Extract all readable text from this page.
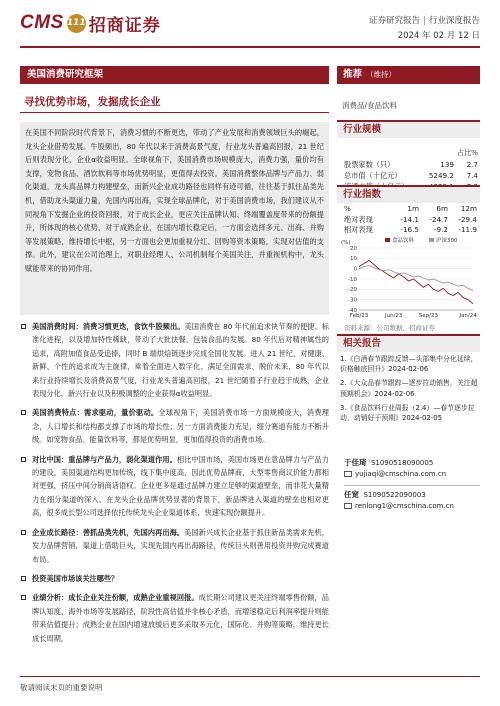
CMS 111 招商证券	证券研究报告 | 行业深度报告
2024 年 02 月 12 日
美国消费研究框架
寻找优势市场，发掘成长企业
在美国不同阶段时代背景下，消费习惯的不断更迭，带动了产业发展和消费领域巨头的崛起，龙头企业借势发展。牛股频出，80 年代以来于消费高景气度，行业龙头普遍高回报，21 世纪后则表现分化，企业α收益明显。全球视角下，美国消费市场规模庞大，消费力强，量价均有支撑，宠物食品、酒饮软料等市场优势明显，更值得去投资。美国消费整体品牌与产品力、弱化渠道，龙头真品牌力构建壁垒，而新兴企业成功路径也同样有迹可循，往往基于抓住品类先机，借助龙头渠道力量，先国内再出海，实现全球品牌化，对于美国消费市场，我们建议从不同视角下发掘企业的投资回报，对于成长企业，更应关注品牌认知、终端覆盖度带来的份额提升，所体现的核心优势，对于成熟企业，在国内增长稳定后，一方面会选择多元、出海、并购等发展策略，维持增长中枢，另一方面也会更加重视分红、回购等资本策略，实现对估值的支撑。此外，建议在公司治理上，对职业经理人、公司机制每个美国关注，并重视机构中，龙头赋能带来的协同作用。
美国消费时间：消费习惯更迭，食饮牛股频出。美国消费在 80 年代前追求快节奏的便捷、标准化进程，以及增加特性稀缺，带动了大批快餐、包装食品的发展。80 年代后对精神属性的追求，高附加值食品受追捧，同时 B 端烘焙链逐步完成全国化发展。进入 21 世纪，对健康、新鲜、个性的追求成为主旋律，乘着全面进入数字化、满足全面需求、脱价未来，80 年代以来行业持续增长及消费高景气度，行业龙头普遍高回报，21 世纪随着子行业趋于成熟，企业表现分化，新兴行业以及积极调整的企业获得α收益明显。
美国消费特点：需求驱动，量价驱动。全球视角下，美国消费市场一方面规模庞大，消费理念，人口增长和结构都支撑了市场的增长性；另一方面消费能力充足，细分赛道有能力不断升级。如宠物食品、能量饮料等，都是优势明显，更加值得投资的消费市场。
对比中国：重品牌与产品力，弱化渠道作用。相比中国市场，美国市场更在意品牌力与产品力的建设。美国渠道结构更加传统，线下集中度高，因此优势品牌商，大型零售商议价能力都相对更强，挤压中间分销商话语权。企业更多是通过品牌力建立足够的渠道壁垒，而非花大量精力在细分渠道的深入。在龙头企业品牌优势显著的背景下，新品牌进入渠道的壁垒也相对更高，很多成长型公司选择依托传统龙头企业渠道体系，快速实现份额提升。
企业成长路径：善抓品类先机，先国内再出海。美国新兴成长企业基于抓住新品类需求先机，发力品牌营销，渠道上借助巨头，实现先国内再出海路径，传统巨头则善用投资并购完成赛道布局。
投资美国市场该关注哪些？
业绩分析：成长企业关注份额，成熟企业重视回报。成长期公司建议更关注终端零售份额，品牌认知度，海外市场等发展路径，阶段性高估值并非核心矛盾，而增速稳定后利润率提升则能带来估值提升；成熟企业在国内增速放缓后更多采取多元化，国际化、并购等策略，维持更长成长周期，
敬请阅读末页的重要说明
推荐 （维持）
消费品/食品饮料
行业规模
占比%
股票家数（只）	139	2.7
总市值（十亿元）	5249.2	7.4
行业指数
%	1m	6m	12m
绝对表现	-14.1	-24.7	-29.4
相对表现	-16.5	-9.2	-11.9
(%)
20
10
0
-10
-20
-30
-40
Feb/23	Jun/23	Sep/23	Jan/24
食品饮料	沪深300
资料来源：公司数据、招商证券
相关报告
1.《白酒春节跟踪反馈—头部集中分化延续，价格触底回升》2024-02-06
2.《大众品春节跟踪—逐步拉动销售，关注超预期机会》2024-02-06
3.《食品饮料行业周报（2.4）—春节逐步拉动，动销好于预期》2024-02-05
于佳琦 S1090518090005
yujiaqi@cmschina.com.cn
任宽 S1090522090003
renlong1@cmschina.com.cn
